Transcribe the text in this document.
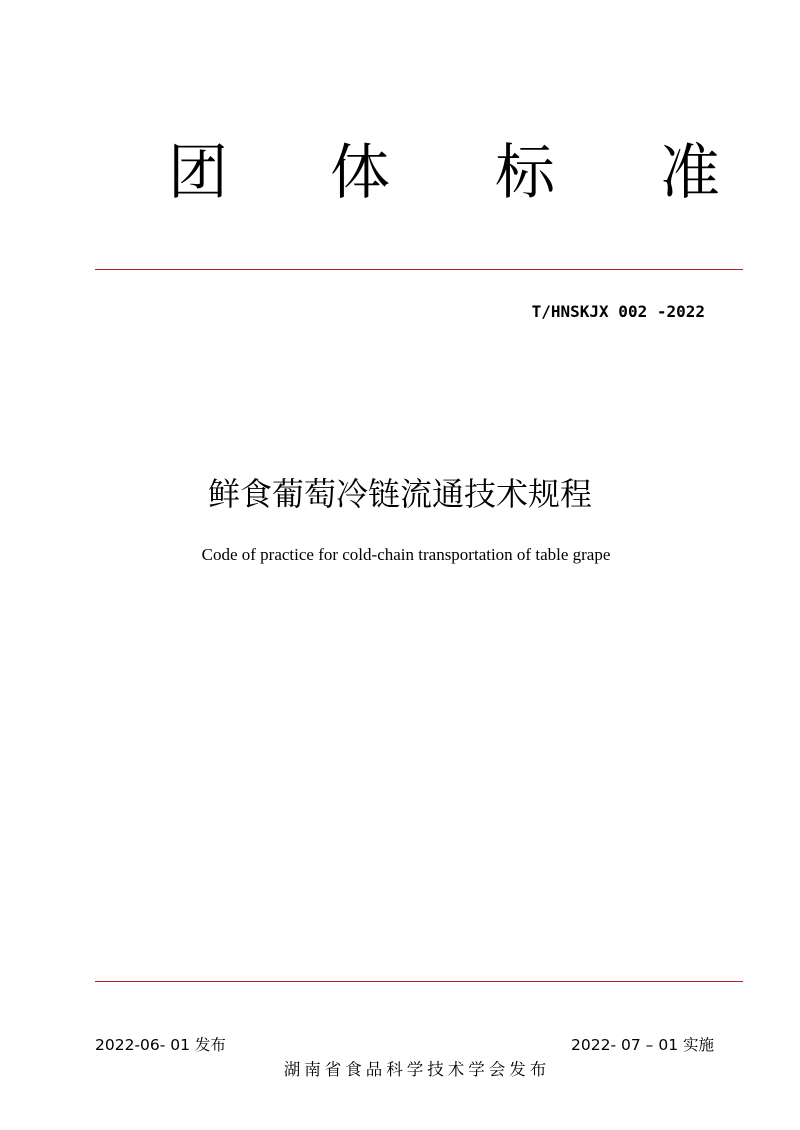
团 体 标 准
T/HNSKJX 002 -2022
鲜食葡萄冷链流通技术规程
Code of practice for cold-chain transportation of table grape
2022-06- 01 发布	2022- 07 – 01 实施
湖南省食品科学技术学会发布
